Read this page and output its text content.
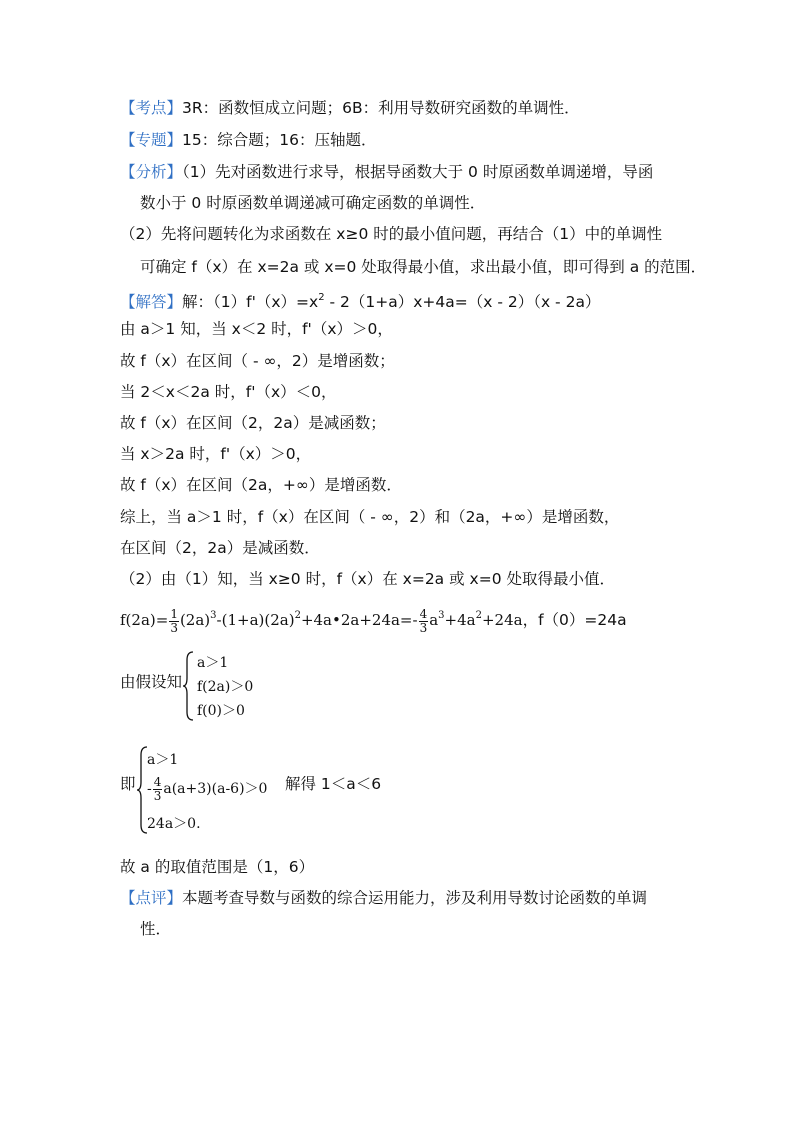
【考点】3R：函数恒成立问题；6B：利用导数研究函数的单调性．
【专题】15：综合题；16：压轴题．
【分析】（1）先对函数进行求导，根据导函数大于 0 时原函数单调递增，导函
数小于 0 时原函数单调递减可确定函数的单调性．
（2）先将问题转化为求函数在 x≥0 时的最小值问题，再结合（1）中的单调性
可确定 f（x）在 x=2a 或 x=0 处取得最小值，求出最小值，即可得到 a 的范围．
【解答】解：$(1)f'(x)=x^2 - 2(1+a)x+4a=(x - 2)(x - 2a)$
由 a＞1 知，当 x＜2 时，f'（x）＞0，
故 f（x）在区间（ - ∞，2）是增函数；
当 2＜x＜2a 时，f'（x）＜0，
故 f（x）在区间（2，2a）是减函数；
当 x＞2a 时，f'（x）＞0，
故 f（x）在区间（2a，+∞）是增函数．
综上，当 a＞1 时，f（x）在区间（ - ∞，2）和（2a，+∞）是增函数，
在区间（2，2a）是减函数．
（2）由（1）知，当 x≥0 时，f（x）在 x=2a 或 x=0 处取得最小值．
$f(2a)= \frac{1}{3}$ $(2a)^3-(1+a)(2a)^2+4a•2a+24a=- \frac{4}{3} a^3+4a^2+24a$，f（0）=24a
由假设知
a＞1
f(2a)＞0
f(0)＞0
即
a＞1
- $\frac{4}{3} a(a+3)(a-6)>0$
24a＞0.
解得 1＜a＜6
故 a 的取值范围是（1，6）
【点评】本题考查导数与函数的综合运用能力，涉及利用导数讨论函数的单调
性．
